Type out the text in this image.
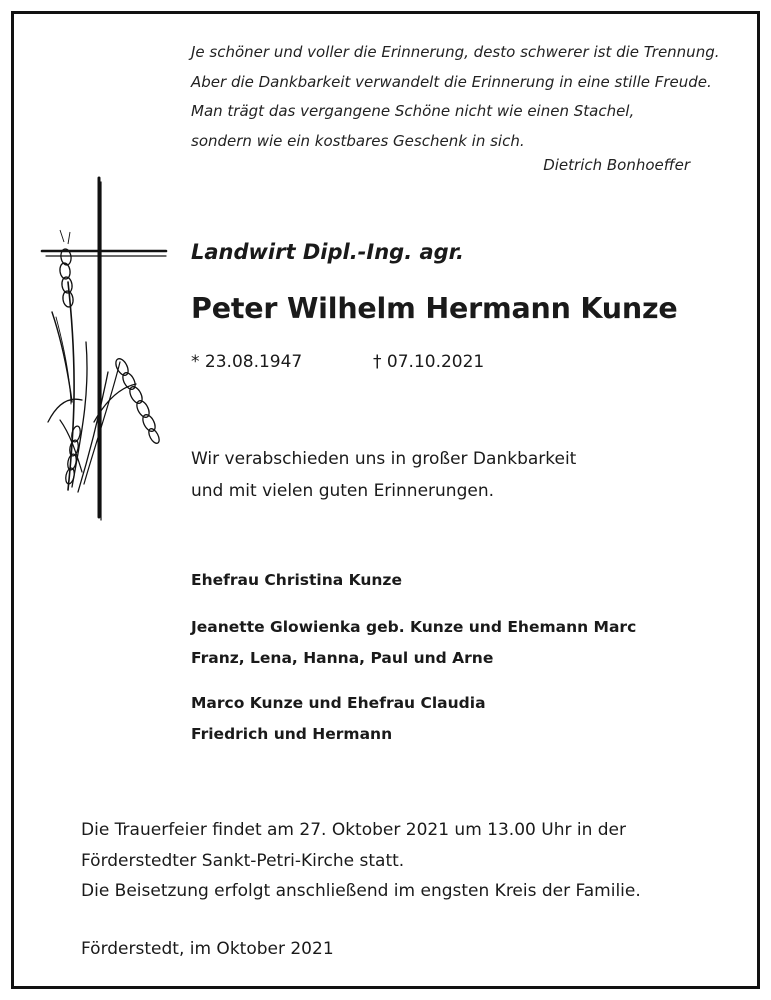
Je schöner und voller die Erinnerung, desto schwerer ist die Trennung.
Aber die Dankbarkeit verwandelt die Erinnerung in eine stille Freude.
Man trägt das vergangene Schöne nicht wie einen Stachel,
sondern wie ein kostbares Geschenk in sich.
Dietrich Bonhoeffer
Landwirt Dipl.-Ing. agr.
Peter Wilhelm Hermann Kunze
* 23.08.1947	† 07.10.2021
Wir verabschieden uns in großer Dankbarkeit
und mit vielen guten Erinnerungen.
Ehefrau Christina Kunze
Jeanette Glowienka geb. Kunze und Ehemann Marc
Franz, Lena, Hanna, Paul und Arne
Marco Kunze und Ehefrau Claudia
Friedrich und Hermann
Die Trauerfeier findet am 27. Oktober 2021 um 13.00 Uhr in der
Förderstedter Sankt-Petri-Kirche statt.
Die Beisetzung erfolgt anschließend im engsten Kreis der Familie.
Förderstedt, im Oktober 2021
